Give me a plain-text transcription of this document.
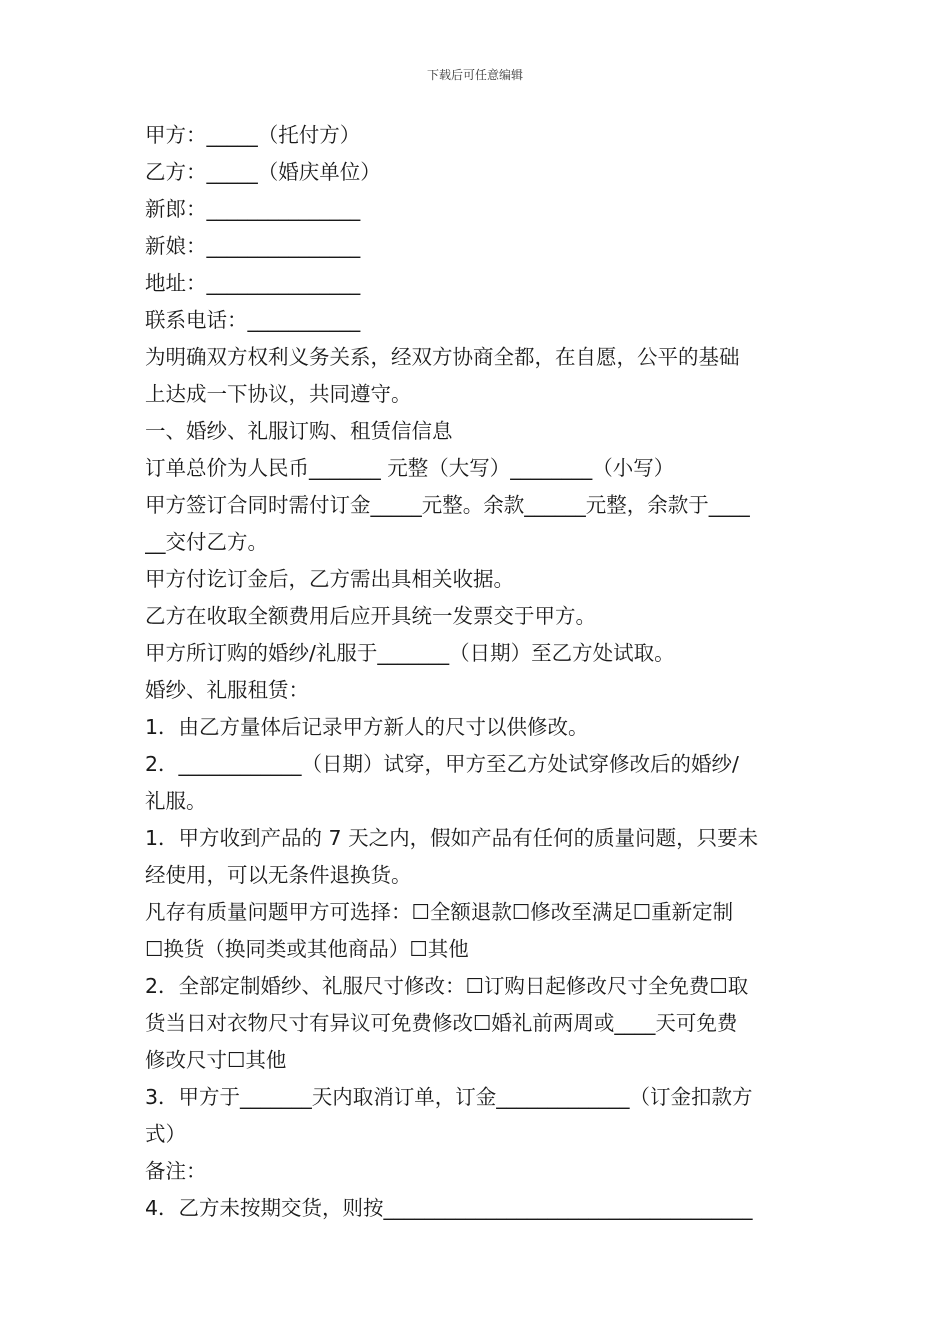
下载后可任意编辑
甲方：_____（托付方）
乙方：_____（婚庆单位）
新郎：_______________
新娘：_______________
地址：_______________
联系电话：___________
为明确双方权利义务关系，经双方协商全都，在自愿，公平的基础
上达成一下协议，共同遵守。
一、婚纱、礼服订购、租赁信信息
订单总价为人民币_______ 元整（大写）________（小写）
甲方签订合同时需付订金_____元整。余款______元整，余款于____
__交付乙方。
甲方付讫订金后，乙方需出具相关收据。
乙方在收取全额费用后应开具统一发票交于甲方。
甲方所订购的婚纱/礼服于_______（日期）至乙方处试取。
婚纱、礼服租赁：
1．由乙方量体后记录甲方新人的尺寸以供修改。
2．____________（日期）试穿，甲方至乙方处试穿修改后的婚纱/
礼服。
1．甲方收到产品的 7 天之内，假如产品有任何的质量问题，只要未
经使用，可以无条件退换货。
凡存有质量问题甲方可选择：☐全额退款☐修改至满足☐重新定制
☐换货（换同类或其他商品）☐其他
2．全部定制婚纱、礼服尺寸修改：☐订购日起修改尺寸全免费☐取
货当日对衣物尺寸有异议可免费修改☐婚礼前两周或____天可免费
修改尺寸☐其他
3．甲方于_______天内取消订单，订金_____________（订金扣款方
式）
备注：
4．乙方未按期交货，则按____________________________________
